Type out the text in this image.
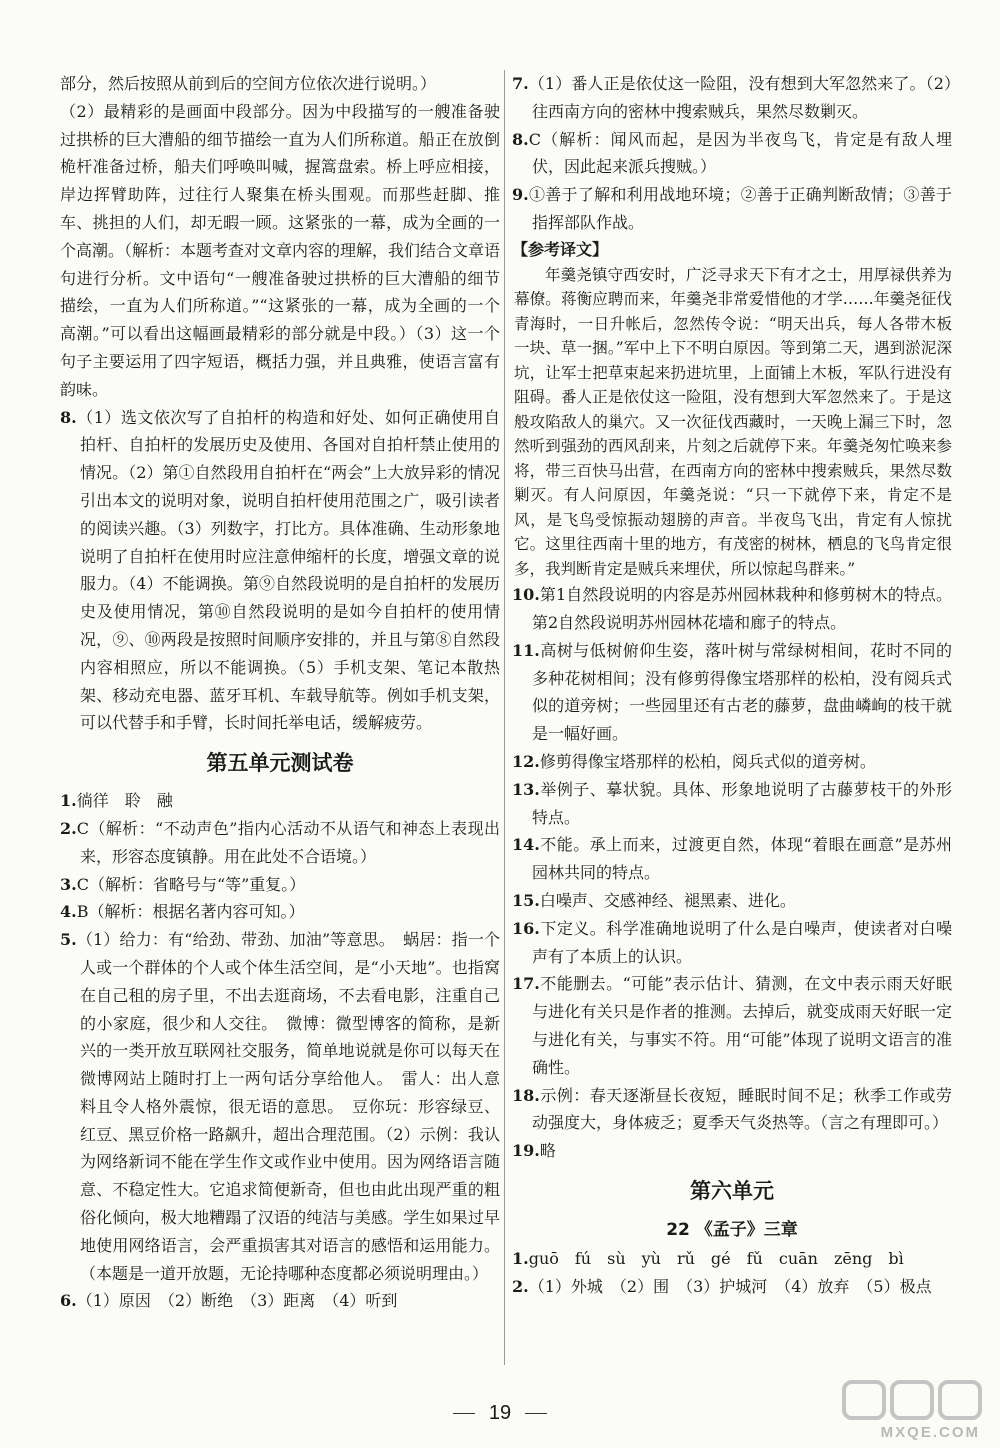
部分，然后按照从前到后的空间方位依次进行说明。）

（2）最精彩的是画面中段部分。因为中段描写的一艘准备驶过拱桥的巨大漕船的细节描绘一直为人们所称道。船正在放倒桅杆准备过桥，船夫们呼唤叫喊，握篙盘索。桥上呼应相接，岸边挥臂助阵，过往行人聚集在桥头围观。而那些赶脚、推车、挑担的人们，却无暇一顾。这紧张的一幕，成为全画的一个高潮。（解析：本题考查对文章内容的理解，我们结合文章语句进行分析。文中语句“一艘准备驶过拱桥的巨大漕船的细节描绘，一直为人们所称道。”“这紧张的一幕，成为全画的一个高潮。”可以看出这幅画最精彩的部分就是中段。）（3）这一个句子主要运用了四字短语，概括力强，并且典雅，使语言富有韵味。

8.（1）选文依次写了自拍杆的构造和好处、如何正确使用自拍杆、自拍杆的发展历史及使用、各国对自拍杆禁止使用的情况。（2）第①自然段用自拍杆在“两会”上大放异彩的情况引出本文的说明对象，说明自拍杆使用范围之广，吸引读者的阅读兴趣。（3）列数字，打比方。具体准确、生动形象地说明了自拍杆在使用时应注意伸缩杆的长度，增强文章的说服力。（4）不能调换。第⑨自然段说明的是自拍杆的发展历史及使用情况，第⑩自然段说明的是如今自拍杆的使用情况，⑨、⑩两段是按照时间顺序安排的，并且与第⑧自然段内容相照应，所以不能调换。（5）手机支架、笔记本散热架、移动充电器、蓝牙耳机、车载导航等。例如手机支架，可以代替手和手臂，长时间托举电话，缓解疲劳。
第五单元测试卷
1.徜徉　聆　融
2.C（解析：“不动声色”指内心活动不从语气和神态上表现出来，形容态度镇静。用在此处不合语境。）
3.C（解析：省略号与“等”重复。）
4.B（解析：根据名著内容可知。）
5.（1）给力：有“给劲、带劲、加油”等意思。　蜗居：指一个人或一个群体的个人或个体生活空间，是“小天地”。也指窝在自己租的房子里，不出去逛商场，不去看电影，注重自己的小家庭，很少和人交往。　微博：微型博客的简称，是新兴的一类开放互联网社交服务，简单地说就是你可以每天在微博网站上随时打上一两句话分享给他人。　雷人：出人意料且令人格外震惊，很无语的意思。　豆你玩：形容绿豆、红豆、黑豆价格一路飙升，超出合理范围。（2）示例：我认为网络新词不能在学生作文或作业中使用。因为网络语言随意、不稳定性大。它追求简便新奇，但也由此出现严重的粗俗化倾向，极大地糟蹋了汉语的纯洁与美感。学生如果过早地使用网络语言，会严重损害其对语言的感悟和运用能力。（本题是一道开放题，无论持哪种态度都必须说明理由。）
6.（1）原因　（2）断绝　（3）距离　（4）听到
7.（1）番人正是依仗这一险阻，没有想到大军忽然来了。（2）往西南方向的密林中搜索贼兵，果然尽数剿灭。
8.C（解析：闻风而起，是因为半夜鸟飞，肯定是有敌人埋伏，因此起来派兵搜贼。）
9.①善于了解和利用战地环境；②善于正确判断敌情；③善于指挥部队作战。
【参考译文】
年羹尧镇守西安时，广泛寻求天下有才之士，用厚禄供养为幕僚。蒋衡应聘而来，年羹尧非常爱惜他的才学……年羹尧征伐青海时，一日升帐后，忽然传令说：“明天出兵，每人各带木板一块、草一捆。”军中上下不明白原因。等到第二天，遇到淤泥深坑，让军士把草束起来扔进坑里，上面铺上木板，军队行进没有阻碍。番人正是依仗这一险阻，没有想到大军忽然来了。于是这般攻陷敌人的巢穴。又一次征伐西藏时，一天晚上漏三下时，忽然听到强劲的西风刮来，片刻之后就停下来。年羹尧匆忙唤来参将，带三百快马出营，在西南方向的密林中搜索贼兵，果然尽数剿灭。有人问原因，年羹尧说：“只一下就停下来，肯定不是风，是飞鸟受惊振动翅膀的声音。半夜鸟飞出，肯定有人惊扰它。这里往西南十里的地方，有茂密的树林，栖息的飞鸟肯定很多，我判断肯定是贼兵来埋伏，所以惊起鸟群来。”
10.第1自然段说明的内容是苏州园林栽种和修剪树木的特点。第2自然段说明苏州园林花墙和廊子的特点。
11.高树与低树俯仰生姿，落叶树与常绿树相间，花时不同的多种花树相间；没有修剪得像宝塔那样的松柏，没有阅兵式似的道旁树；一些园里还有古老的藤萝，盘曲嶙峋的枝干就是一幅好画。
12.修剪得像宝塔那样的松柏，阅兵式似的道旁树。
13.举例子、摹状貌。具体、形象地说明了古藤萝枝干的外形特点。
14.不能。承上而来，过渡更自然，体现“着眼在画意”是苏州园林共同的特点。
15.白噪声、交感神经、褪黑素、进化。
16.下定义。科学准确地说明了什么是白噪声，使读者对白噪声有了本质上的认识。
17.不能删去。“可能”表示估计、猜测，在文中表示雨天好眠与进化有关只是作者的推测。去掉后，就变成雨天好眠一定与进化有关，与事实不符。用“可能”体现了说明文语言的准确性。
18.示例：春天逐渐昼长夜短，睡眠时间不足；秋季工作或劳动强度大，身体疲乏；夏季天气炎热等。（言之有理即可。）
19.略
第六单元
22 《孟子》三章
1.guō　fú　sù　yù　rǔ　gé　fǔ　cuān　zēng　bì
2.（1）外城　（2）围　（3）护城河　（4）放弃　（5）极点
19
MXQE.COM
